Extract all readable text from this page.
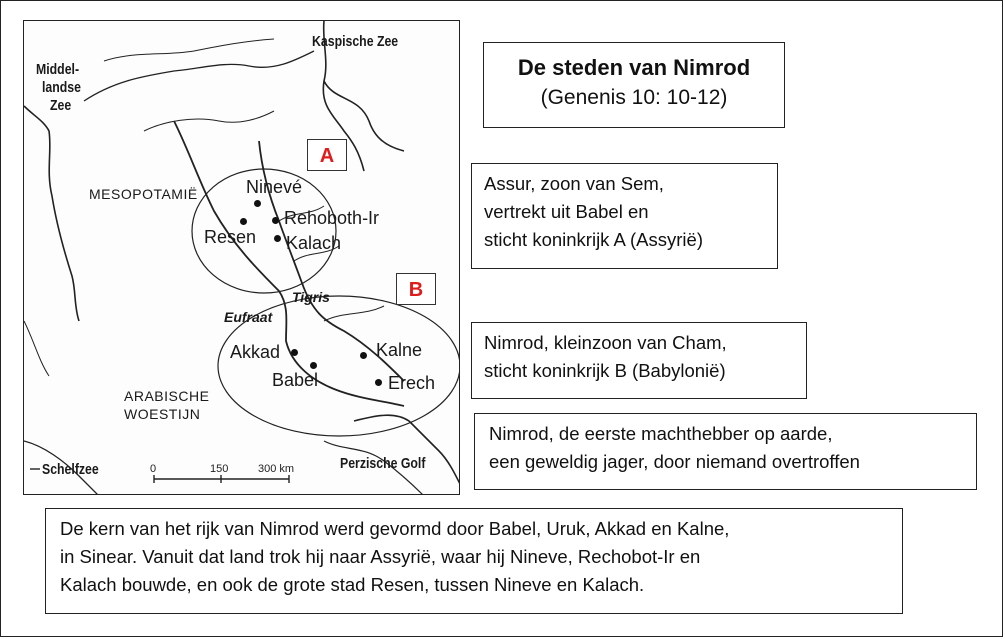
Kaspische Zee
Middel-
landse
Zee
MESOPOTAMIË
ARABISCHE
WOESTIJN
Schelfzee	Perzische Golf
Tigris
Eufraat
Ninevé
Rehoboth-Ir
Resen Kalach
Akkad
Babel
Kalne
Erech
A
B
0	150	300 km
De steden van Nimrod
(Genenis 10: 10-12)
Assur, zoon van Sem,
vertrekt uit Babel en
sticht koninkrijk A (Assyrië)
Nimrod, kleinzoon van Cham,
sticht koninkrijk B (Babylonië)
Nimrod, de eerste machthebber op aarde,
een geweldig jager, door niemand overtroffen
De kern van het rijk van Nimrod werd gevormd door Babel, Uruk, Akkad en Kalne,
in Sinear. Vanuit dat land trok hij naar Assyrië, waar hij Nineve, Rechobot-Ir en
Kalach bouwde, en ook de grote stad Resen, tussen Nineve en Kalach.
